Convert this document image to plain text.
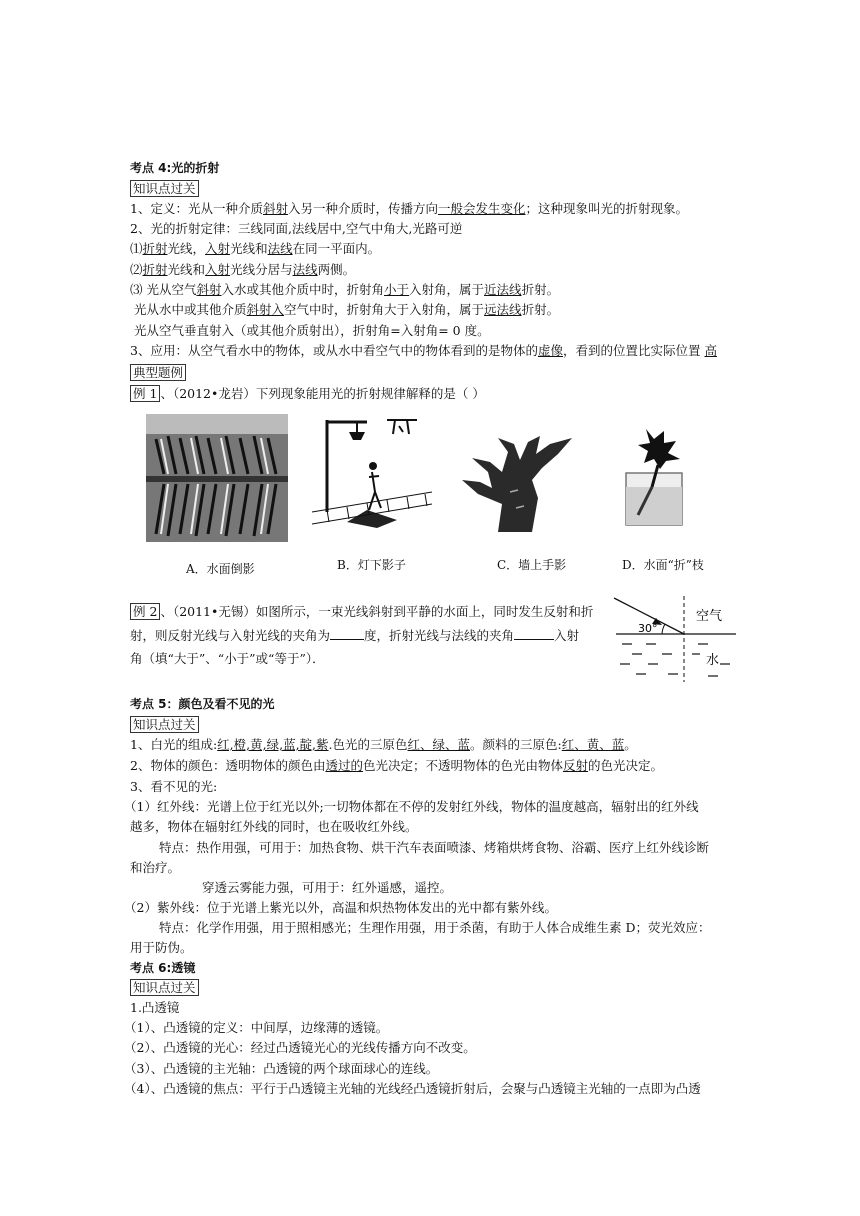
考点 4:光的折射
知识点过关
1、定义：光从一种介质斜射入另一种介质时，传播方向一般会发生变化；这种现象叫光的折射现象。
2、光的折射定律：三线同面,法线居中,空气中角大,光路可逆
⑴折射光线，入射光线和法线在同一平面内。
⑵折射光线和入射光线分居与法线两侧。
⑶ 光从空气斜射入水或其他介质中时，折射角小于入射角，属于近法线折射。
光从水中或其他介质斜射入空气中时，折射角大于入射角，属于远法线折射。
光从空气垂直射入（或其他介质射出），折射角=入射角= 0 度。
3、应用：从空气看水中的物体，或从水中看空气中的物体看到的是物体的虚像，看到的位置比实际位置 高
典型题例
例 1 、（2012•龙岩）下列现象能用光的折射规律解释的是（ ）
A．水面倒影	B．灯下影子	C．墙上手影	D．水面“折”枝
例 2 、（2011•无锡）如图所示，一束光线斜射到平静的水面上，同时发生反射和折
射，则反射光线与入射光线的夹角为	度，折射光线与法线的夹角	入射
角（填“大于”、“小于”或“等于”）．
30°
空气
水
考点 5：颜色及看不见的光
知识点过关
1、白光的组成:红,橙,黄,绿,蓝,靛,紫.色光的三原色红、绿、蓝。颜料的三原色:红、黄、蓝。
2、物体的颜色：透明物体的颜色由透过的色光决定；不透明物体的色光由物体反射的色光决定。
3、看不见的光:
（1）红外线：光谱上位于红光以外;一切物体都在不停的发射红外线，物体的温度越高，辐射出的红外线
越多，物体在辐射红外线的同时，也在吸收红外线。
特点：热作用强，可用于：加热食物、烘干汽车表面喷漆、烤箱烘烤食物、浴霸、医疗上红外线诊断
和治疗。
穿透云雾能力强，可用于：红外遥感，遥控。
（2）紫外线：位于光谱上紫光以外，高温和炽热物体发出的光中都有紫外线。
特点：化学作用强，用于照相感光；生理作用强，用于杀菌，有助于人体合成维生素 D；荧光效应：
用于防伪。
考点 6:透镜
知识点过关
1.凸透镜
（1）、凸透镜的定义：中间厚，边缘薄的透镜。
（2）、凸透镜的光心：经过凸透镜光心的光线传播方向不改变。
（3）、凸透镜的主光轴：凸透镜的两个球面球心的连线。
（4）、凸透镜的焦点：平行于凸透镜主光轴的光线经凸透镜折射后，会聚与凸透镜主光轴的一点即为凸透
